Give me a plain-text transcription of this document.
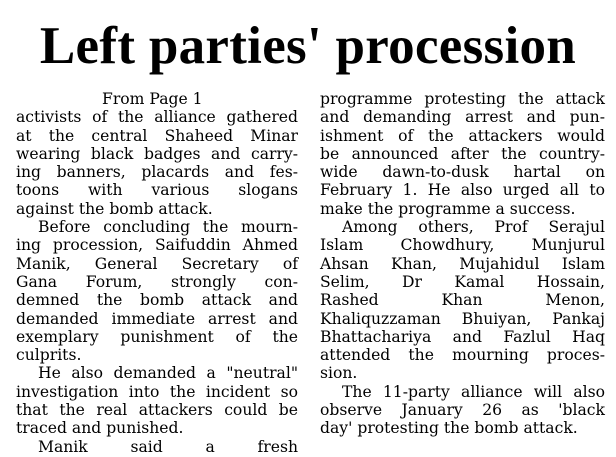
Left parties' procession
From Page 1
activists of the alliance gathered
at the central Shaheed Minar
wearing black badges and carry-
ing banners, placards and fes-
toons with various slogans
against the bomb attack.
Before concluding the mourn-
ing procession, Saifuddin Ahmed
Manik, General Secretary of
Gana Forum, strongly con-
demned the bomb attack and
demanded immediate arrest and
exemplary punishment of the
culprits.
He also demanded a "neutral"
investigation into the incident so
that the real attackers could be
traced and punished.
Manik said a fresh
programme protesting the attack
and demanding arrest and pun-
ishment of the attackers would
be announced after the country-
wide dawn-to-dusk hartal on
February 1. He also urged all to
make the programme a success.
Among others, Prof Serajul
Islam Chowdhury, Munjurul
Ahsan Khan, Mujahidul Islam
Selim, Dr Kamal Hossain,
Rashed Khan Menon,
Khaliquzzaman Bhuiyan, Pankaj
Bhattachariya and Fazlul Haq
attended the mourning proces-
sion.
The 11-party alliance will also
observe January 26 as 'black
day' protesting the bomb attack.
